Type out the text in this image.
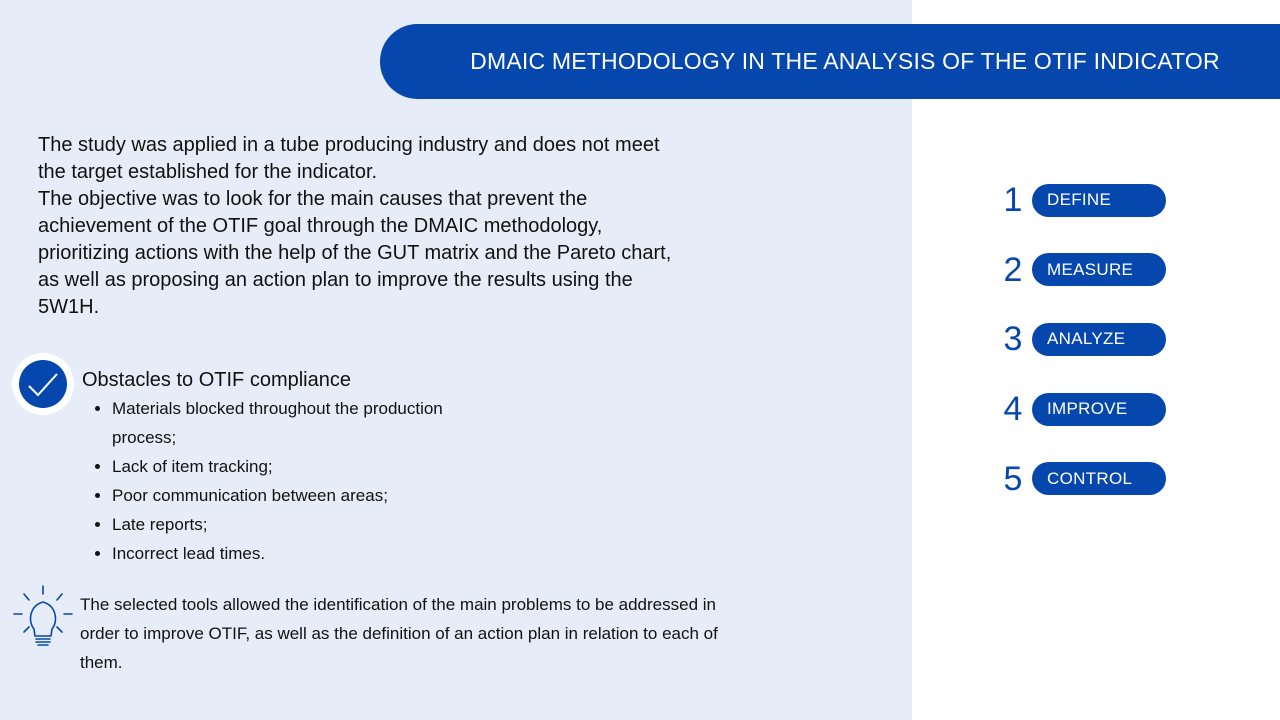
DMAIC METHODOLOGY IN THE ANALYSIS OF THE OTIF INDICATOR

The study was applied in a tube producing industry and does not meet the target established for the indicator.

The objective was to look for the main causes that prevent the achievement of the OTIF goal through the DMAIC methodology, prioritizing actions with the help of the GUT matrix and the Pareto chart, as well as proposing an action plan to improve the results using the 5W1H.

Obstacles to OTIF compliance
• Materials blocked throughout the production process;
• Lack of item tracking;
• Poor communication between areas;
• Late reports;
• Incorrect lead times.

The selected tools allowed the identification of the main problems to be addressed in order to improve OTIF, as well as the definition of an action plan in relation to each of them.

1	DEFINE
2	MEASURE
3	ANALYZE
4	IMPROVE
5	CONTROL
